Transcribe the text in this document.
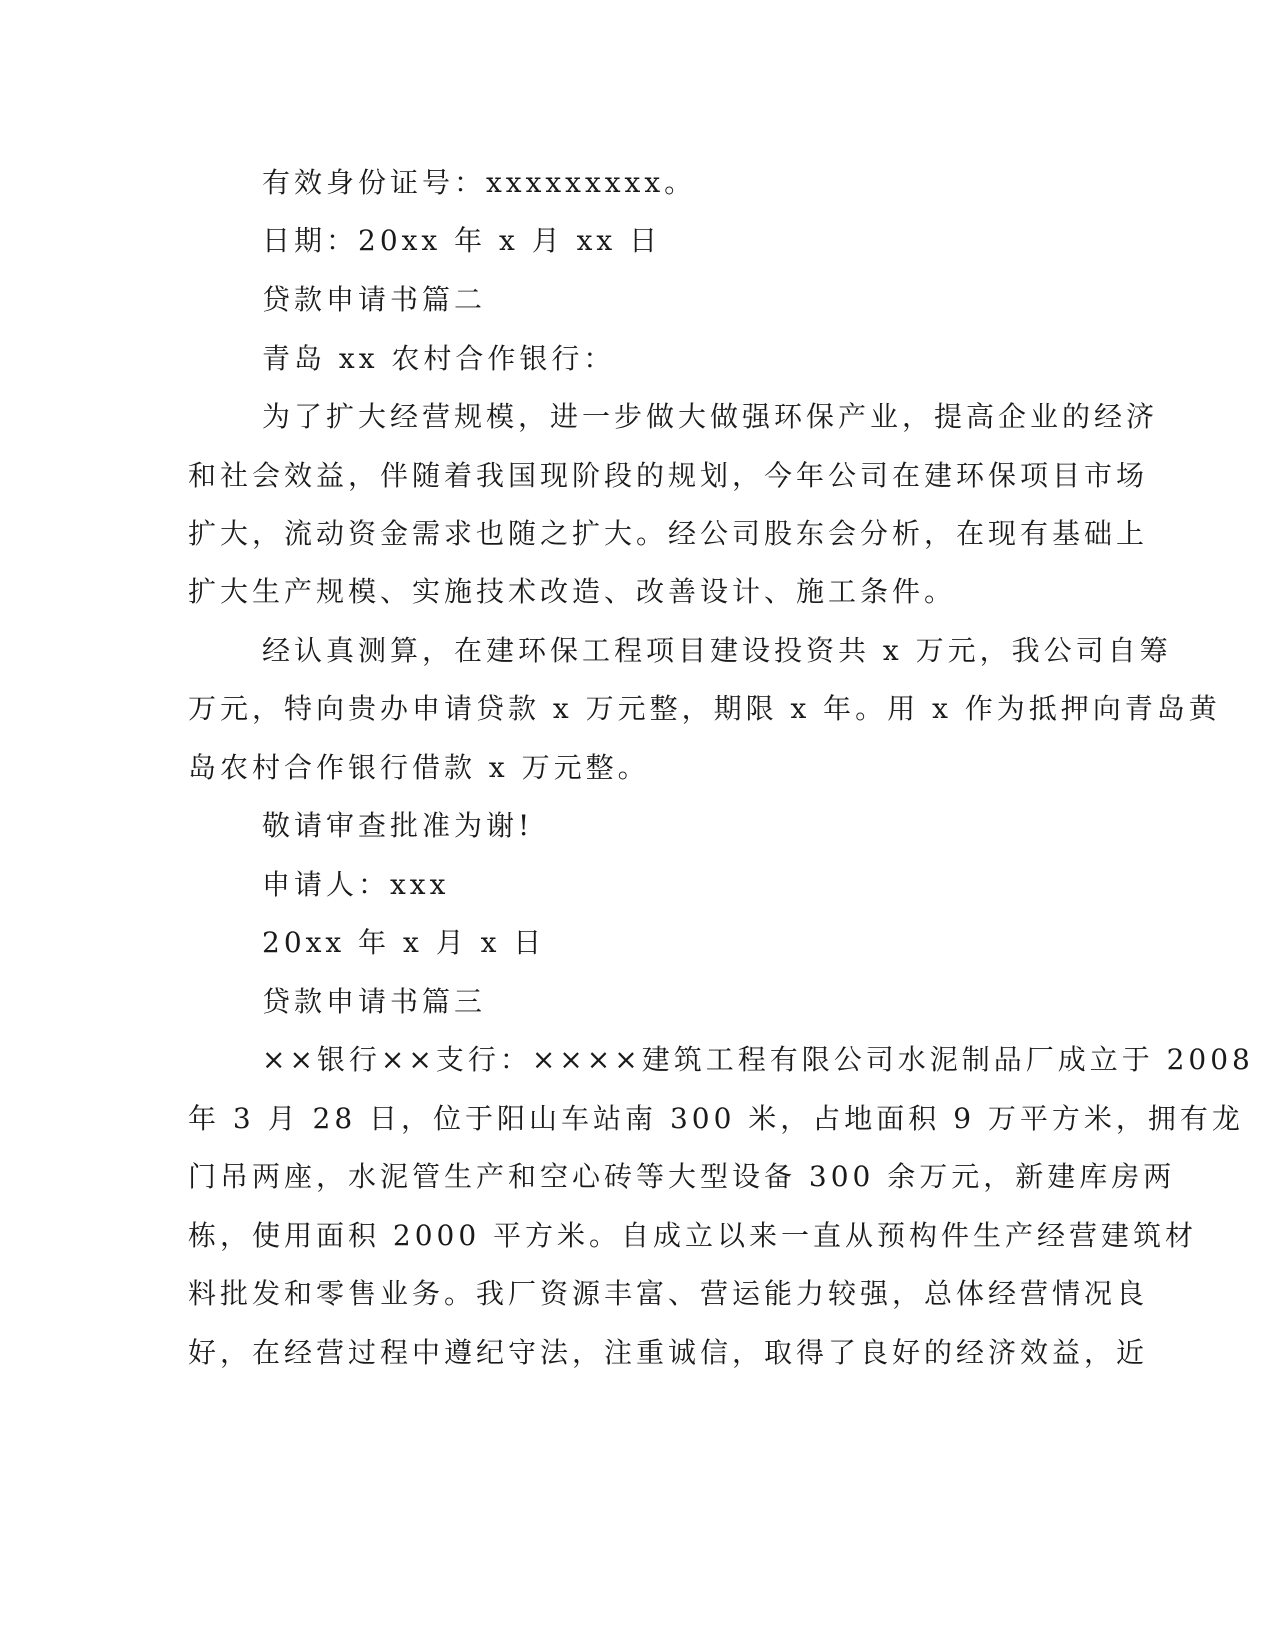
有效身份证号：xxxxxxxxx。
日期：20xx 年 x 月 xx 日
贷款申请书篇二
青岛 xx 农村合作银行：
为了扩大经营规模，进一步做大做强环保产业，提高企业的经济
和社会效益，伴随着我国现阶段的规划，今年公司在建环保项目市场
扩大，流动资金需求也随之扩大。经公司股东会分析，在现有基础上
扩大生产规模、实施技术改造、改善设计、施工条件。
经认真测算，在建环保工程项目建设投资共 x 万元，我公司自筹
万元，特向贵办申请贷款 x 万元整，期限 x 年。用 x 作为抵押向青岛黄
岛农村合作银行借款 x 万元整。
敬请审查批准为谢!
申请人：xxx
20xx 年 x 月 x 日
贷款申请书篇三
××银行××支行：××××建筑工程有限公司水泥制品厂成立于 2008
年 3 月 28 日，位于阳山车站南 300 米，占地面积 9 万平方米，拥有龙
门吊两座，水泥管生产和空心砖等大型设备 300 余万元，新建库房两
栋，使用面积 2000 平方米。自成立以来一直从预构件生产经营建筑材
料批发和零售业务。我厂资源丰富、营运能力较强，总体经营情况良
好，在经营过程中遵纪守法，注重诚信，取得了良好的经济效益，近
